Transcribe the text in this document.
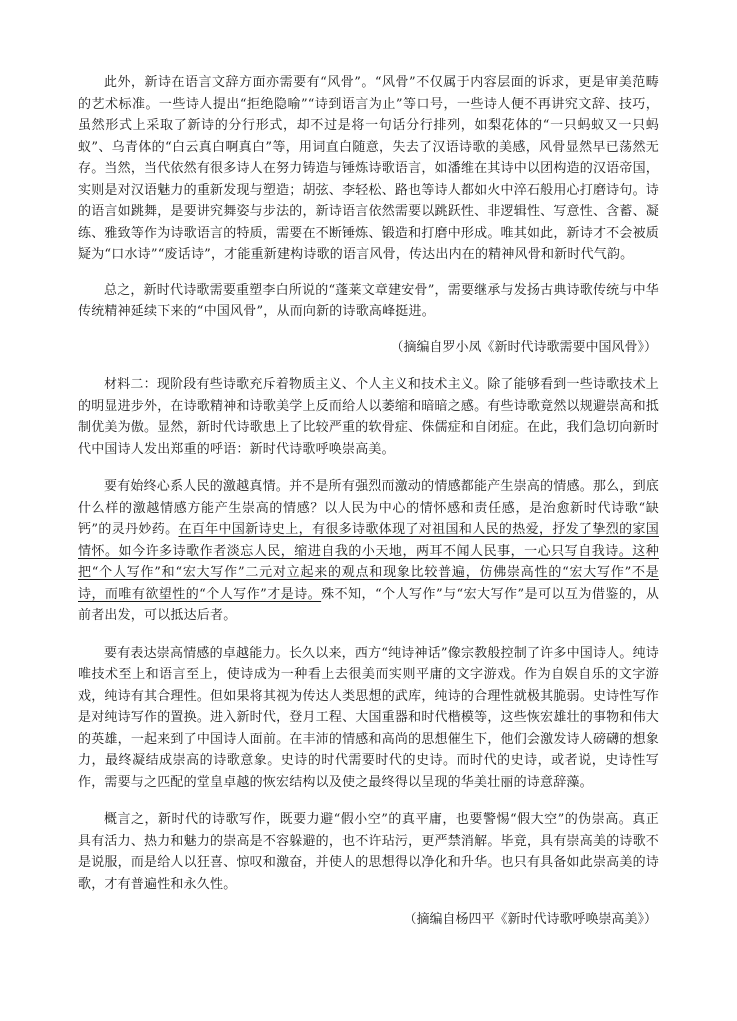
此外，新诗在语言文辞方面亦需要有“风骨”。“风骨”不仅属于内容层面的诉求，更是审美范畴的艺术标准。一些诗人提出“拒绝隐喻”“诗到语言为止”等口号，一些诗人便不再讲究文辞、技巧，虽然形式上采取了新诗的分行形式，却不过是将一句话分行排列，如梨花体的“一只蚂蚁又一只蚂蚁”、乌青体的“白云真白啊真白”等，用词直白随意，失去了汉语诗歌的美感，风骨显然早已荡然无存。当然，当代依然有很多诗人在努力铸造与锤炼诗歌语言，如潘维在其诗中以团构造的汉语帝国，实则是对汉语魅力的重新发现与塑造；胡弦、李轻松、路也等诗人都如火中淬石般用心打磨诗句。诗的语言如跳舞，是要讲究舞姿与步法的，新诗语言依然需要以跳跃性、非逻辑性、写意性、含蓄、凝练、雅致等作为诗歌语言的特质，需要在不断锤炼、锻造和打磨中形成。唯其如此，新诗才不会被质疑为“口水诗”“废话诗”，才能重新建构诗歌的语言风骨，传达出内在的精神风骨和新时代气韵。

总之，新时代诗歌需要重塑李白所说的“蓬莱文章建安骨”，需要继承与发扬古典诗歌传统与中华传统精神延续下来的“中国风骨”，从而向新的诗歌高峰挺进。

（摘编自罗小凤《新时代诗歌需要中国风骨》）

材料二：现阶段有些诗歌充斥着物质主义、个人主义和技术主义。除了能够看到一些诗歌技术上的明显进步外，在诗歌精神和诗歌美学上反而给人以萎缩和暗暗之感。有些诗歌竟然以规避崇高和抵制优美为傲。显然，新时代诗歌患上了比较严重的软骨症、侏儒症和自闭症。在此，我们急切向新时代中国诗人发出郑重的呼语：新时代诗歌呼唤崇高美。

要有始终心系人民的激越真情。并不是所有强烈而激动的情感都能产生崇高的情感。那么，到底什么样的激越情感方能产生崇高的情感？以人民为中心的情怀感和责任感，是治愈新时代诗歌“缺钙”的灵丹妙药。在百年中国新诗史上，有很多诗歌体现了对祖国和人民的热爱，抒发了挚烈的家国情怀。如今许多诗歌作者淡忘人民，缩进自我的小天地，两耳不闻人民事，一心只写自我诗。这种把“个人写作”和“宏大写作”二元对立起来的观点和现象比较普遍，仿佛崇高性的“宏大写作”不是诗，而唯有欲望性的“个人写作”才是诗。殊不知，“个人写作”与“宏大写作”是可以互为借鉴的，从前者出发，可以抵达后者。

要有表达崇高情感的卓越能力。长久以来，西方“纯诗神话”像宗教般控制了许多中国诗人。纯诗唯技术至上和语言至上，使诗成为一种看上去很美而实则平庸的文字游戏。作为自娱自乐的文字游戏，纯诗有其合理性。但如果将其视为传达人类思想的武库，纯诗的合理性就极其脆弱。史诗性写作是对纯诗写作的置换。进入新时代，登月工程、大国重器和时代楷模等，这些恢宏雄壮的事物和伟大的英雄，一起来到了中国诗人面前。在丰沛的情感和高尚的思想催生下，他们会激发诗人磅礴的想象力，最终凝结成崇高的诗歌意象。史诗的时代需要时代的史诗。而时代的史诗，或者说，史诗性写作，需要与之匹配的堂皇卓越的恢宏结构以及使之最终得以呈现的华美壮丽的诗意辞藻。

概言之，新时代的诗歌写作，既要力避“假小空”的真平庸，也要警惕“假大空”的伪崇高。真正具有活力、热力和魅力的崇高是不容躲避的，也不许玷污，更严禁消解。毕竟，具有崇高美的诗歌不是说服，而是给人以狂喜、惊叹和激奋，并使人的思想得以净化和升华。也只有具备如此崇高美的诗歌，才有普遍性和永久性。

（摘编自杨四平《新时代诗歌呼唤崇高美》）
